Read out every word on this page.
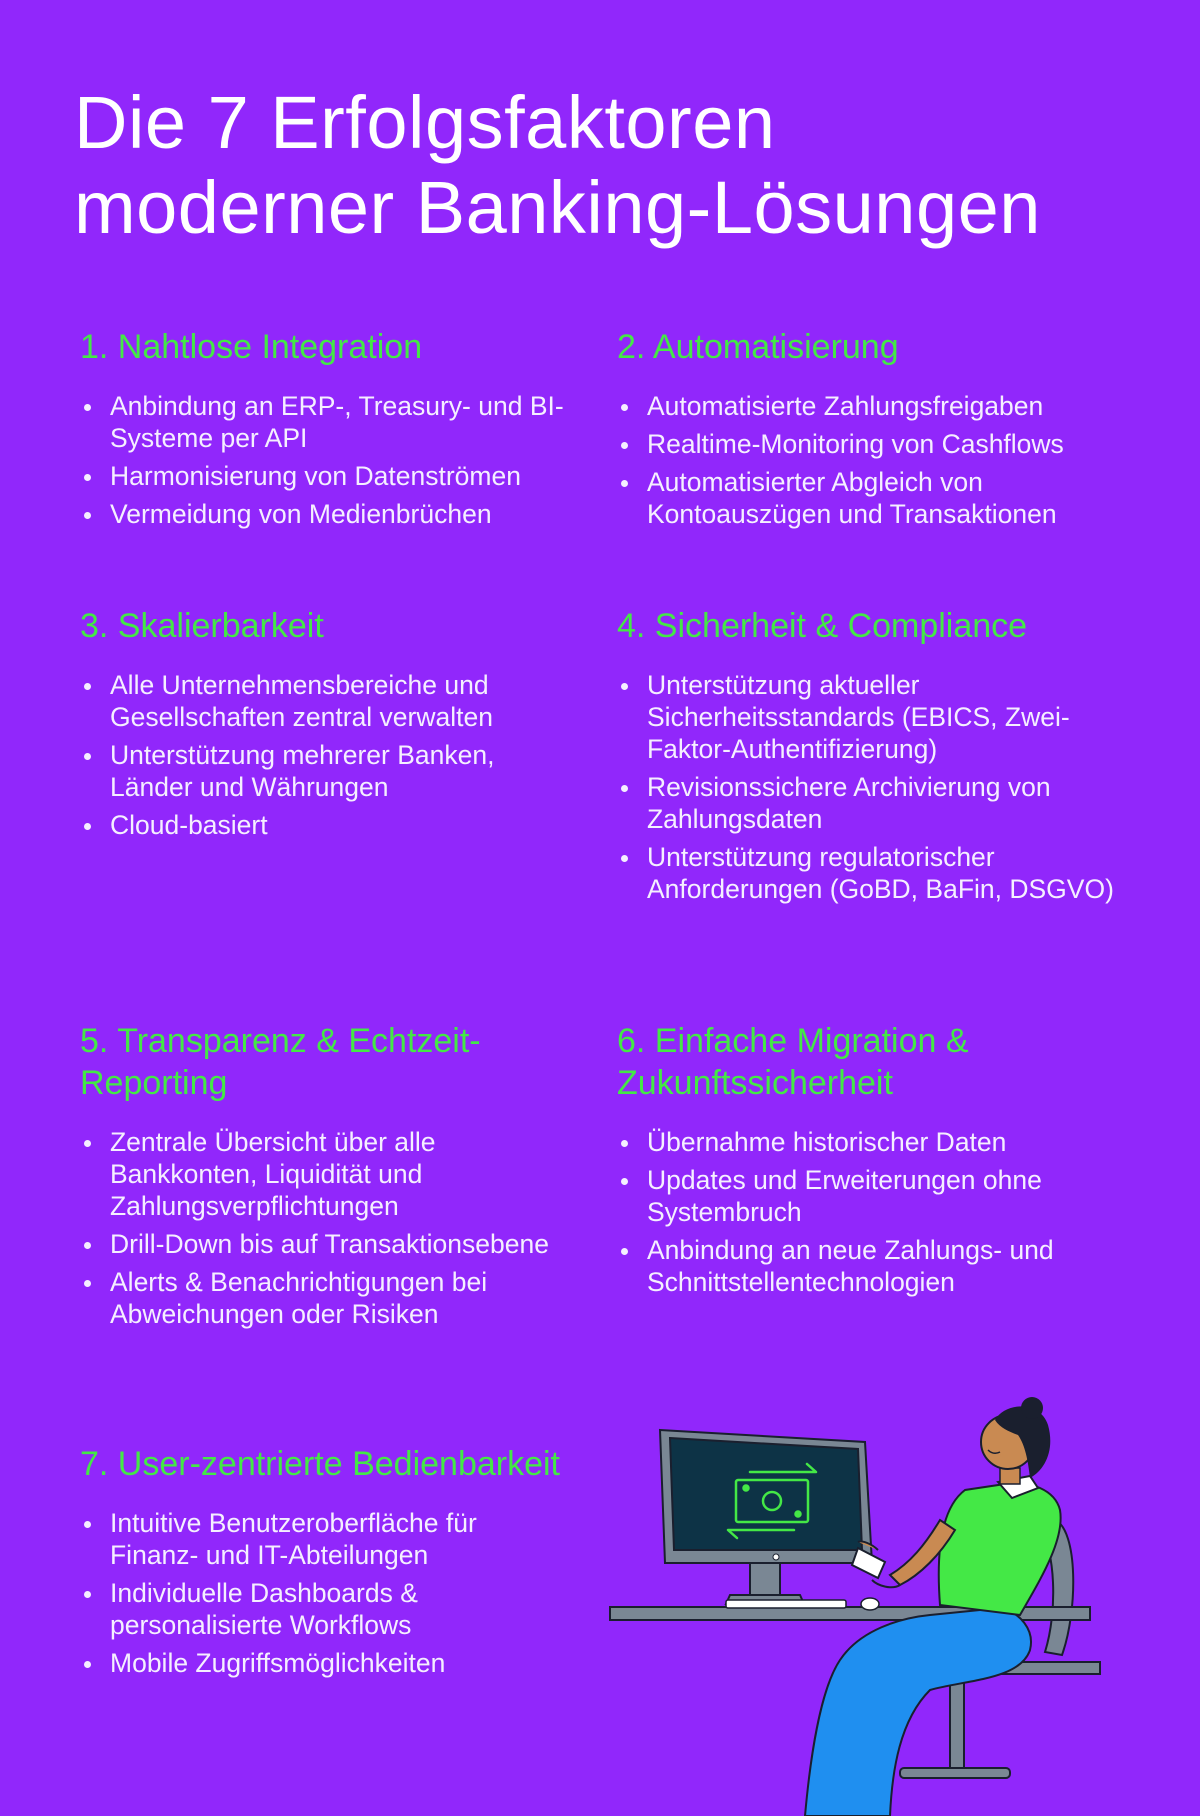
Die 7 Erfolgsfaktoren
moderner Banking-Lösungen
1. Nahtlose Integration
Anbindung an ERP-, Treasury- und BI-Systeme per API
Harmonisierung von Datenströmen
Vermeidung von Medienbrüchen
2. Automatisierung
Automatisierte Zahlungsfreigaben
Realtime-Monitoring von Cashflows
Automatisierter Abgleich von Kontoauszügen und Transaktionen
3. Skalierbarkeit
Alle Unternehmensbereiche und Gesellschaften zentral verwalten
Unterstützung mehrerer Banken, Länder und Währungen
Cloud-basiert
4. Sicherheit & Compliance
Unterstützung aktueller Sicherheitsstandards (EBICS, Zwei-Faktor-Authentifizierung)
Revisionssichere Archivierung von Zahlungsdaten
Unterstützung regulatorischer Anforderungen (GoBD, BaFin, DSGVO)
5. Transparenz & Echtzeit-Reporting
Zentrale Übersicht über alle Bankkonten, Liquidität und Zahlungsverpflichtungen
Drill-Down bis auf Transaktionsebene
Alerts & Benachrichtigungen bei Abweichungen oder Risiken
6. Einfache Migration & Zukunftssicherheit
Übernahme historischer Daten
Updates und Erweiterungen ohne Systembruch
Anbindung an neue Zahlungs- und Schnittstellentechnologien
7. User-zentrierte Bedienbarkeit
Intuitive Benutzeroberfläche für Finanz- und IT-Abteilungen
Individuelle Dashboards & personalisierte Workflows
Mobile Zugriffsmöglichkeiten
